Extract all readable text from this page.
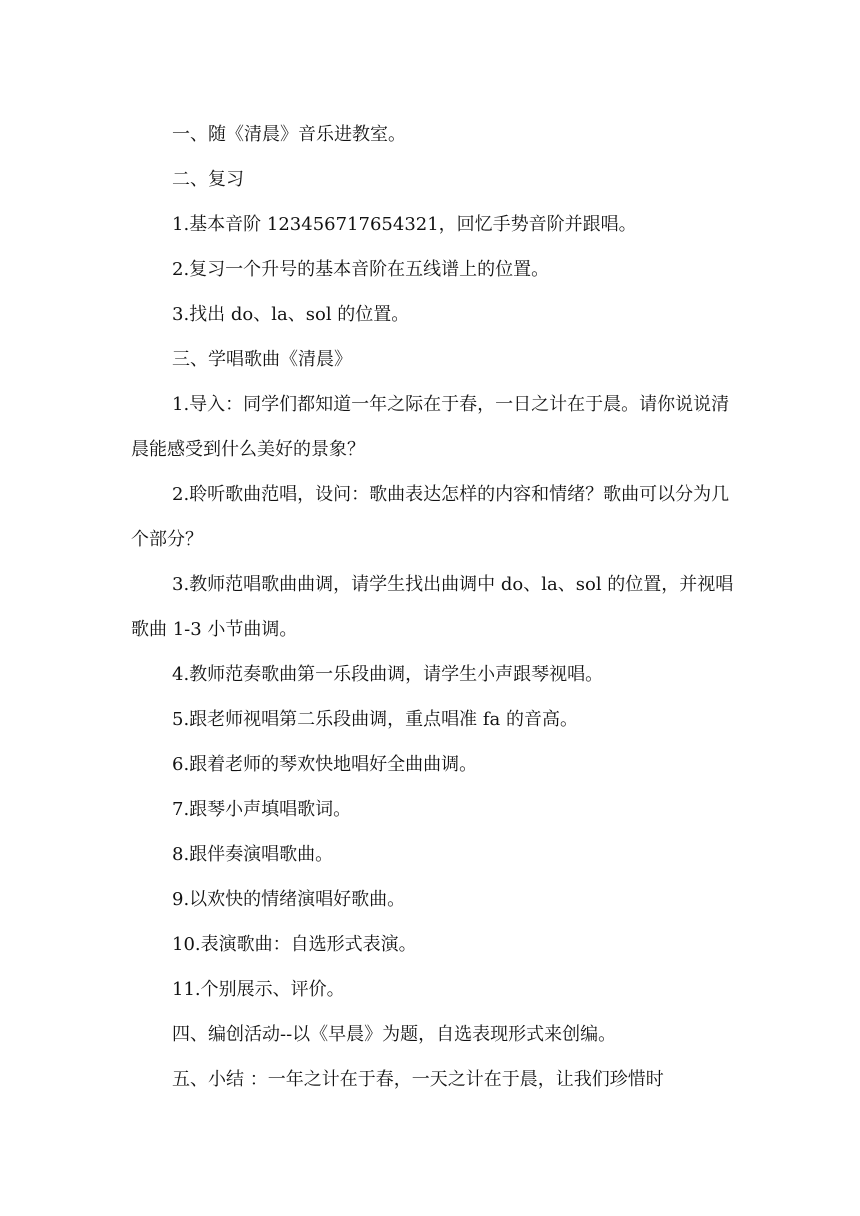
一、随《清晨》音乐进教室。

二、复习

1.基本音阶 123456717654321，回忆手势音阶并跟唱。

2.复习一个升号的基本音阶在五线谱上的位置。

3.找出 do、la、sol 的位置。

三、学唱歌曲《清晨》

1.导入：同学们都知道一年之际在于春，一日之计在于晨。请你说说清晨能感受到什么美好的景象？

2.聆听歌曲范唱，设问：歌曲表达怎样的内容和情绪？歌曲可以分为几个部分？

3.教师范唱歌曲曲调，请学生找出曲调中 do、la、sol 的位置，并视唱歌曲 1-3 小节曲调。

4.教师范奏歌曲第一乐段曲调，请学生小声跟琴视唱。

5.跟老师视唱第二乐段曲调，重点唱准 fa 的音高。

6.跟着老师的琴欢快地唱好全曲曲调。

7.跟琴小声填唱歌词。

8.跟伴奏演唱歌曲。

9.以欢快的情绪演唱好歌曲。

10.表演歌曲：自选形式表演。

11.个别展示、评价。

四、编创活动--以《早晨》为题，自选表现形式来创编。

五、小结 ：一年之计在于春，一天之计在于晨，让我们珍惜时
